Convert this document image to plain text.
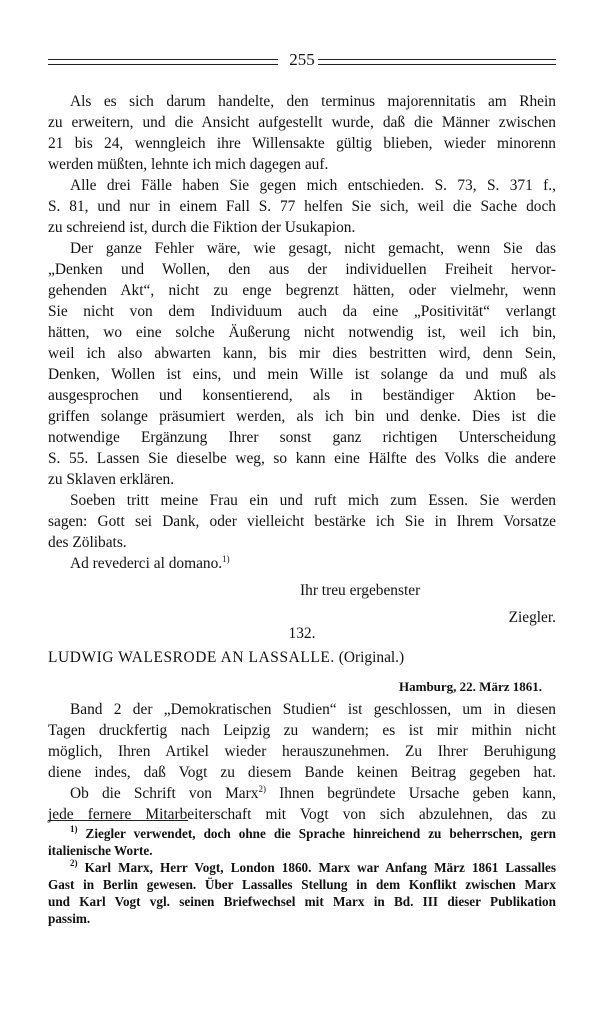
255
Als es sich darum handelte, den terminus majorennitatis am Rhein
zu erweitern, und die Ansicht aufgestellt wurde, daß die Männer zwischen
21 bis 24, wenngleich ihre Willensakte gültig blieben, wieder minorenn
werden müßten, lehnte ich mich dagegen auf.
Alle drei Fälle haben Sie gegen mich entschieden. S. 73, S. 371 f.,
S. 81, und nur in einem Fall S. 77 helfen Sie sich, weil die Sache doch
zu schreiend ist, durch die Fiktion der Usukapion.
Der ganze Fehler wäre, wie gesagt, nicht gemacht, wenn Sie das
„Denken und Wollen, den aus der individuellen Freiheit hervor-
gehenden Akt“, nicht zu enge begrenzt hätten, oder vielmehr, wenn
Sie nicht von dem Individuum auch da eine „Positivität“ verlangt
hätten, wo eine solche Äußerung nicht notwendig ist, weil ich bin,
weil ich also abwarten kann, bis mir dies bestritten wird, denn Sein,
Denken, Wollen ist eins, und mein Wille ist solange da und muß als
ausgesprochen und konsentierend, als in beständiger Aktion be-
griffen solange präsumiert werden, als ich bin und denke. Dies ist die
notwendige Ergänzung Ihrer sonst ganz richtigen Unterscheidung
S. 55. Lassen Sie dieselbe weg, so kann eine Hälfte des Volks die andere
zu Sklaven erklären.
Soeben tritt meine Frau ein und ruft mich zum Essen. Sie werden
sagen: Gott sei Dank, oder vielleicht bestärke ich Sie in Ihrem Vorsatze
des Zölibats.
Ad revederci al domano.$^{1)}$
Ihr treu ergebenster
Ziegler.
132.
LUDWIG WALESRODE AN LASSALLE. (Original.)
Hamburg, 22. März 1861.
Band 2 der „Demokratischen Studien“ ist geschlossen, um in diesen
Tagen druckfertig nach Leipzig zu wandern; es ist mir mithin nicht
möglich, Ihren Artikel wieder herauszunehmen. Zu Ihrer Beruhigung
diene indes, daß Vogt zu diesem Bande keinen Beitrag gegeben hat.
Ob die Schrift von Marx$^{2)}$ Ihnen begründete Ursache geben kann,
jede fernere Mitarbeiterschaft mit Vogt von sich abzulehnen, das zu
$^{1)}$ Ziegler verwendet, doch ohne die Sprache hinreichend zu beherrschen, gern
italienische Worte.
$^{2)}$ Karl Marx, Herr Vogt, London 1860. Marx war Anfang März 1861 Lassalles
Gast in Berlin gewesen. Über Lassalles Stellung in dem Konflikt zwischen Marx
und Karl Vogt vgl. seinen Briefwechsel mit Marx in Bd. III dieser Publikation
passim.
